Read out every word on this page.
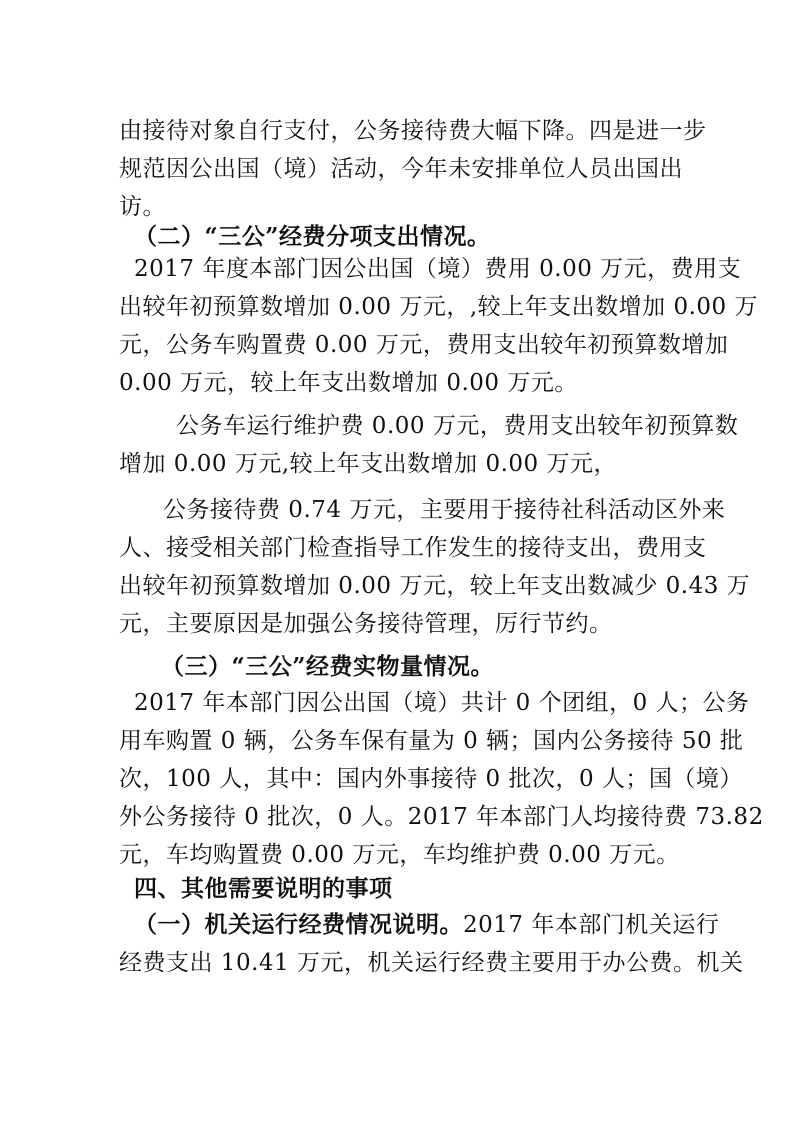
由接待对象自行支付，公务接待费大幅下降。四是进一步
规范因公出国（境）活动，今年未安排单位人员出国出
访。
（二）“三公”经费分项支出情况。
2017 年度本部门因公出国（境）费用 0.00 万元，费用支
出较年初预算数增加 0.00 万元，,较上年支出数增加 0.00 万
元，公务车购置费 0.00 万元，费用支出较年初预算数增加
0.00 万元，较上年支出数增加 0.00 万元。
公务车运行维护费 0.00 万元，费用支出较年初预算数
增加 0.00 万元,较上年支出数增加 0.00 万元，
公务接待费 0.74 万元，主要用于接待社科活动区外来
人、接受相关部门检查指导工作发生的接待支出，费用支
出较年初预算数增加 0.00 万元，较上年支出数减少 0.43 万
元，主要原因是加强公务接待管理，厉行节约。
（三）“三公”经费实物量情况。
2017 年本部门因公出国（境）共计 0 个团组，0 人；公务
用车购置 0 辆，公务车保有量为 0 辆；国内公务接待 50 批
次，100 人，其中：国内外事接待 0 批次，0 人；国（境）
外公务接待 0 批次，0 人。2017 年本部门人均接待费 73.82
元，车均购置费 0.00 万元，车均维护费 0.00 万元。
四、其他需要说明的事项
（一）机关运行经费情况说明。2017 年本部门机关运行
经费支出 10.41 万元，机关运行经费主要用于办公费。机关
